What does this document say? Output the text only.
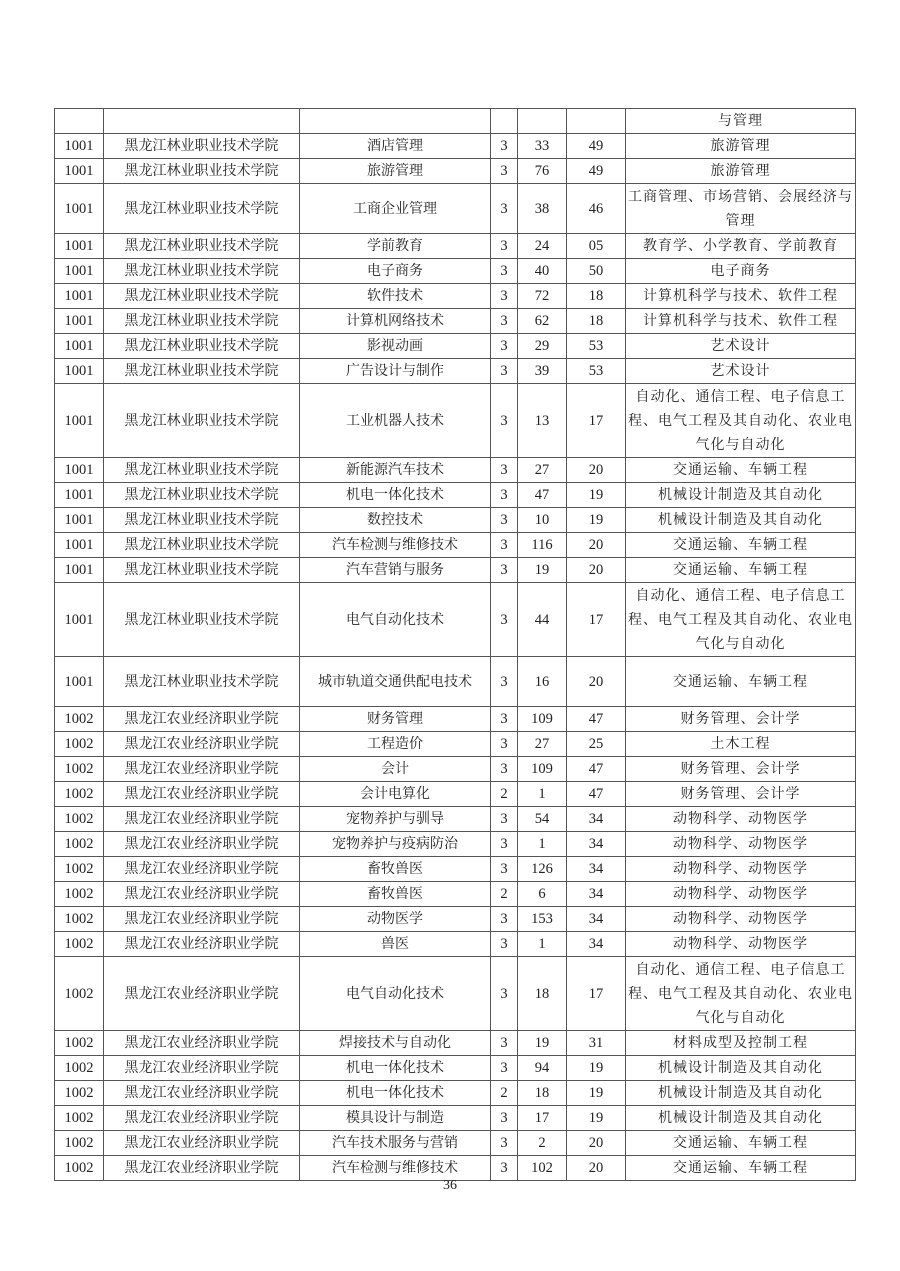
						与管理
1001	黑龙江林业职业技术学院	酒店管理	3	33	49	旅游管理
1001	黑龙江林业职业技术学院	旅游管理	3	76	49	旅游管理
1001	黑龙江林业职业技术学院	工商企业管理	3	38	46	工商管理、市场营销、会展经济与管理
1001	黑龙江林业职业技术学院	学前教育	3	24	05	教育学、小学教育、学前教育
1001	黑龙江林业职业技术学院	电子商务	3	40	50	电子商务
1001	黑龙江林业职业技术学院	软件技术	3	72	18	计算机科学与技术、软件工程
1001	黑龙江林业职业技术学院	计算机网络技术	3	62	18	计算机科学与技术、软件工程
1001	黑龙江林业职业技术学院	影视动画	3	29	53	艺术设计
1001	黑龙江林业职业技术学院	广告设计与制作	3	39	53	艺术设计
1001	黑龙江林业职业技术学院	工业机器人技术	3	13	17	自动化、通信工程、电子信息工程、电气工程及其自动化、农业电气化与自动化
1001	黑龙江林业职业技术学院	新能源汽车技术	3	27	20	交通运输、车辆工程
1001	黑龙江林业职业技术学院	机电一体化技术	3	47	19	机械设计制造及其自动化
1001	黑龙江林业职业技术学院	数控技术	3	10	19	机械设计制造及其自动化
1001	黑龙江林业职业技术学院	汽车检测与维修技术	3	116	20	交通运输、车辆工程
1001	黑龙江林业职业技术学院	汽车营销与服务	3	19	20	交通运输、车辆工程
1001	黑龙江林业职业技术学院	电气自动化技术	3	44	17	自动化、通信工程、电子信息工程、电气工程及其自动化、农业电气化与自动化
1001	黑龙江林业职业技术学院	城市轨道交通供配电技术	3	16	20	交通运输、车辆工程
1002	黑龙江农业经济职业学院	财务管理	3	109	47	财务管理、会计学
1002	黑龙江农业经济职业学院	工程造价	3	27	25	土木工程
1002	黑龙江农业经济职业学院	会计	3	109	47	财务管理、会计学
1002	黑龙江农业经济职业学院	会计电算化	2	1	47	财务管理、会计学
1002	黑龙江农业经济职业学院	宠物养护与驯导	3	54	34	动物科学、动物医学
1002	黑龙江农业经济职业学院	宠物养护与疫病防治	3	1	34	动物科学、动物医学
1002	黑龙江农业经济职业学院	畜牧兽医	3	126	34	动物科学、动物医学
1002	黑龙江农业经济职业学院	畜牧兽医	2	6	34	动物科学、动物医学
1002	黑龙江农业经济职业学院	动物医学	3	153	34	动物科学、动物医学
1002	黑龙江农业经济职业学院	兽医	3	1	34	动物科学、动物医学
1002	黑龙江农业经济职业学院	电气自动化技术	3	18	17	自动化、通信工程、电子信息工程、电气工程及其自动化、农业电气化与自动化
1002	黑龙江农业经济职业学院	焊接技术与自动化	3	19	31	材料成型及控制工程
1002	黑龙江农业经济职业学院	机电一体化技术	3	94	19	机械设计制造及其自动化
1002	黑龙江农业经济职业学院	机电一体化技术	2	18	19	机械设计制造及其自动化
1002	黑龙江农业经济职业学院	模具设计与制造	3	17	19	机械设计制造及其自动化
1002	黑龙江农业经济职业学院	汽车技术服务与营销	3	2	20	交通运输、车辆工程
1002	黑龙江农业经济职业学院	汽车检测与维修技术	3	102	20	交通运输、车辆工程
36
